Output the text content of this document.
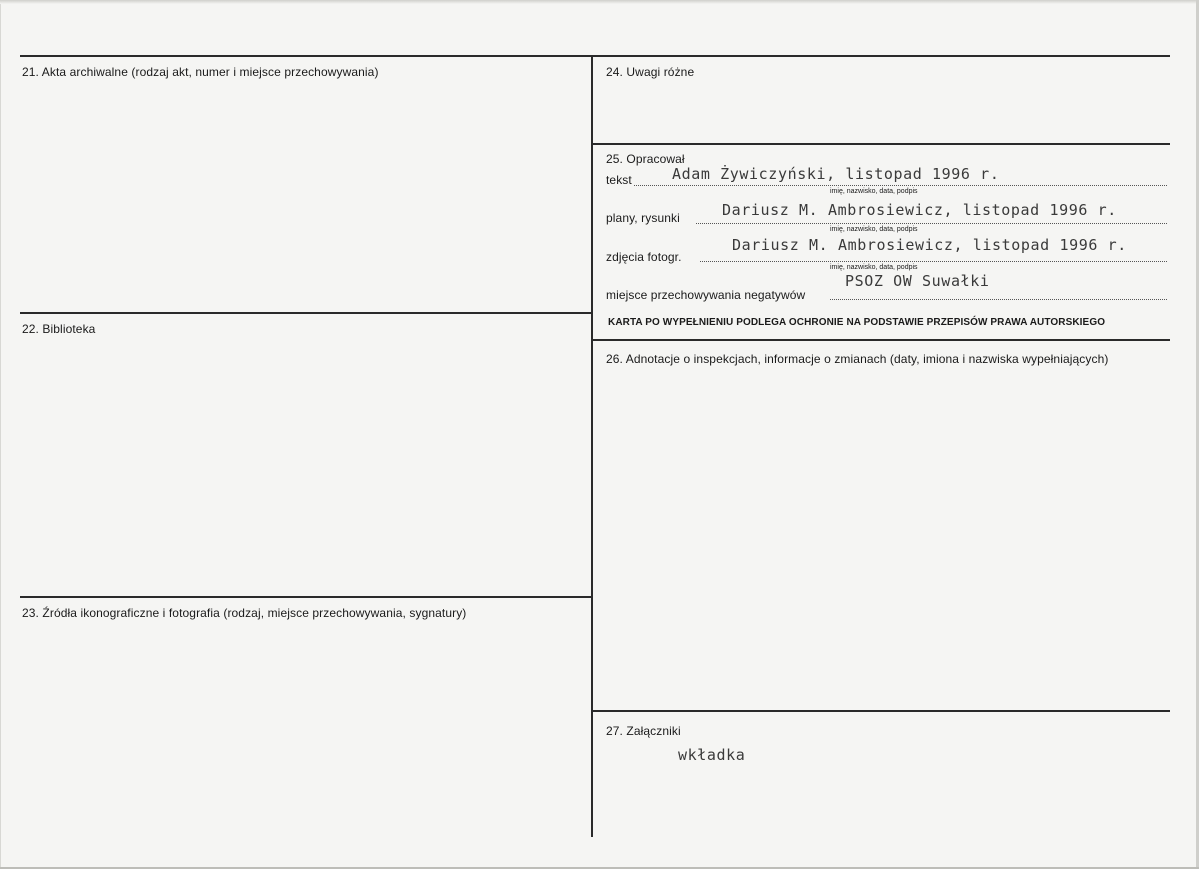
21. Akta archiwalne (rodzaj akt, numer i miejsce przechowywania)
22. Biblioteka
23. Źródła ikonograficzne i fotografia (rodzaj, miejsce przechowywania, sygnatury)
24. Uwagi różne
25. Opracował
tekst	Adam Żywiczyński, listopad 1996 r.
imię, nazwisko, data, podpis
plany, rysunki	Dariusz M. Ambrosiewicz, listopad 1996 r.
imię, nazwisko, data, podpis
zdjęcia fotogr.
Dariusz M. Ambrosiewicz, listopad 1996 r.
imię, nazwisko, data, podpis
miejsce przechowywania negatywów
PSOZ OW Suwałki
KARTA PO WYPEŁNIENIU PODLEGA OCHRONIE NA PODSTAWIE PRZEPISÓW PRAWA AUTORSKIEGO
26. Adnotacje o inspekcjach, informacje o zmianach (daty, imiona i nazwiska wypełniających)
27. Załączniki
wkładka
